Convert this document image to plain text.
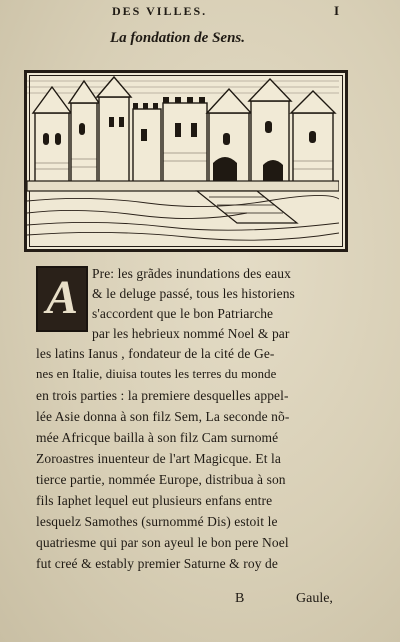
DES VILLES.	I
La fondation de Sens.
A	Pre: les grãdes inundations des eaux
& le deluge passé, tous les historiens
s'accordent que le bon Patriarche
par les hebrieux nommé Noel & par
les latins Ianus , fondateur de la cité de Ge-
nes en Italie, diuisa toutes les terres du monde
en trois parties : la premiere desquelles appel-
lée Asie donna à son filz Sem, La seconde nõ-
mée Africque bailla à son filz Cam surnomé
Zoroastres inuenteur de l'art Magicque. Et la
tierce partie, nommée Europe, distribua à son
fils Iaphet lequel eut plusieurs enfans entre
lesquelz Samothes (surnommé Dis) estoit le
quatriesme qui par son ayeul le bon pere Noel
fut creé & estably premier Saturne & roy de
B	Gaule,
